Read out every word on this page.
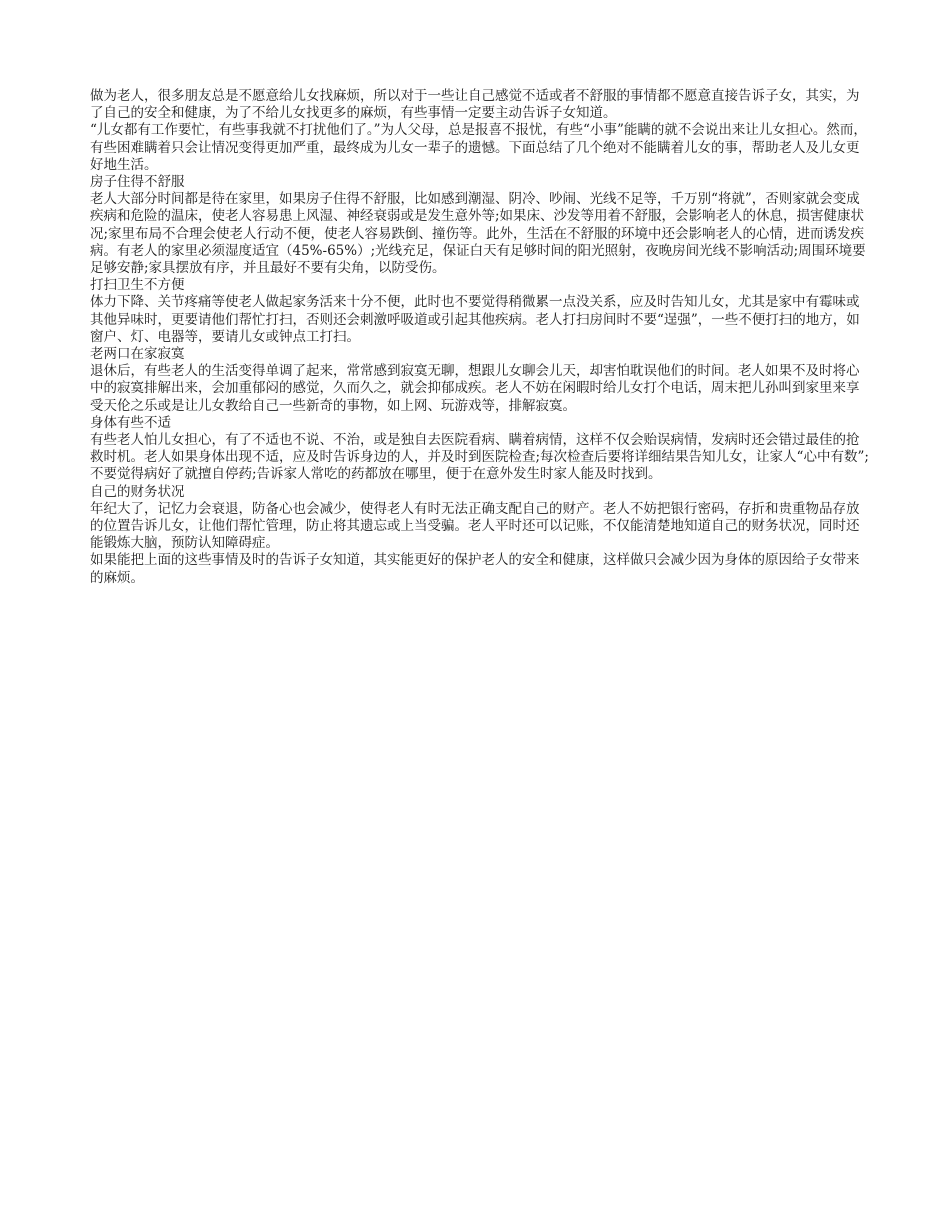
做为老人，很多朋友总是不愿意给儿女找麻烦，所以对于一些让自己感觉不适或者不舒服的事情都不愿意直接告诉子女，其实，为了自己的安全和健康，为了不给儿女找更多的麻烦，有些事情一定要主动告诉子女知道。

“儿女都有工作要忙，有些事我就不打扰他们了。”为人父母，总是报喜不报忧，有些“小事”能瞒的就不会说出来让儿女担心。然而，有些困难瞒着只会让情况变得更加严重，最终成为儿女一辈子的遗憾。下面总结了几个绝对不能瞒着儿女的事，帮助老人及儿女更好地生活。

房子住得不舒服

老人大部分时间都是待在家里，如果房子住得不舒服，比如感到潮湿、阴冷、吵闹、光线不足等，千万别“将就”，否则家就会变成疾病和危险的温床，使老人容易患上风湿、神经衰弱或是发生意外等;如果床、沙发等用着不舒服，会影响老人的休息，损害健康状况;家里布局不合理会使老人行动不便，使老人容易跌倒、撞伤等。此外，生活在不舒服的环境中还会影响老人的心情，进而诱发疾病。有老人的家里必须湿度适宜（45%-65%）;光线充足，保证白天有足够时间的阳光照射，夜晚房间光线不影响活动;周围环境要足够安静;家具摆放有序，并且最好不要有尖角，以防受伤。

打扫卫生不方便

体力下降、关节疼痛等使老人做起家务活来十分不便，此时也不要觉得稍微累一点没关系，应及时告知儿女，尤其是家中有霉味或其他异味时，更要请他们帮忙打扫，否则还会刺激呼吸道或引起其他疾病。老人打扫房间时不要“逞强”，一些不便打扫的地方，如窗户、灯、电器等，要请儿女或钟点工打扫。

老两口在家寂寞

退休后，有些老人的生活变得单调了起来，常常感到寂寞无聊，想跟儿女聊会儿天，却害怕耽误他们的时间。老人如果不及时将心中的寂寞排解出来，会加重郁闷的感觉，久而久之，就会抑郁成疾。老人不妨在闲暇时给儿女打个电话，周末把儿孙叫到家里来享受天伦之乐或是让儿女教给自己一些新奇的事物，如上网、玩游戏等，排解寂寞。

身体有些不适

有些老人怕儿女担心，有了不适也不说、不治，或是独自去医院看病、瞒着病情，这样不仅会贻误病情，发病时还会错过最佳的抢救时机。老人如果身体出现不适，应及时告诉身边的人，并及时到医院检查;每次检查后要将详细结果告知儿女，让家人“心中有数”;不要觉得病好了就擅自停药;告诉家人常吃的药都放在哪里，便于在意外发生时家人能及时找到。

自己的财务状况

年纪大了，记忆力会衰退，防备心也会减少，使得老人有时无法正确支配自己的财产。老人不妨把银行密码，存折和贵重物品存放的位置告诉儿女，让他们帮忙管理，防止将其遗忘或上当受骗。老人平时还可以记账，不仅能清楚地知道自己的财务状况，同时还能锻炼大脑，预防认知障碍症。

如果能把上面的这些事情及时的告诉子女知道，其实能更好的保护老人的安全和健康，这样做只会减少因为身体的原因给子女带来的麻烦。
